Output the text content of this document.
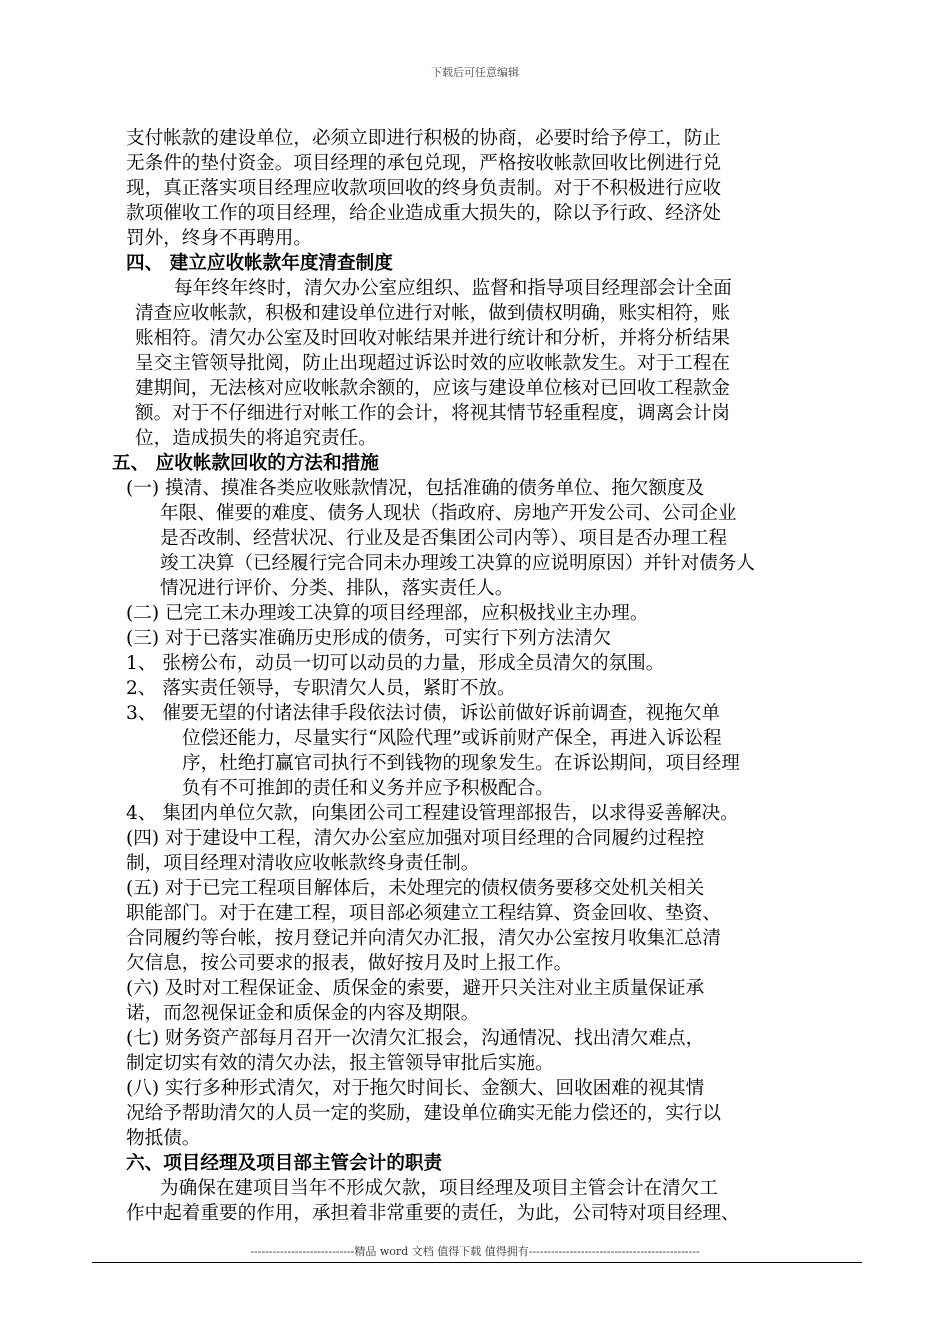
下载后可任意编辑
支付帐款的建设单位，必须立即进行积极的协商，必要时给予停工，防止
无条件的垫付资金。项目经理的承包兑现，严格按收帐款回收比例进行兑
现，真正落实项目经理应收款项回收的终身负责制。对于不积极进行应收
款项催收工作的项目经理，给企业造成重大损失的，除以予行政、经济处
罚外，终身不再聘用。
四、 建立应收帐款年度清查制度
每年终年终时，清欠办公室应组织、监督和指导项目经理部会计全面
清查应收帐款，积极和建设单位进行对帐，做到债权明确，账实相符，账
账相符。清欠办公室及时回收对帐结果并进行统计和分析，并将分析结果
呈交主管领导批阅，防止出现超过诉讼时效的应收帐款发生。对于工程在
建期间，无法核对应收帐款余额的，应该与建设单位核对已回收工程款金
额。对于不仔细进行对帐工作的会计，将视其情节轻重程度，调离会计岗
位，造成损失的将追究责任。
五、 应收帐款回收的方法和措施
(一) 摸清、摸准各类应收账款情况，包括准确的债务单位、拖欠额度及
年限、催要的难度、债务人现状（指政府、房地产开发公司、公司企业
是否改制、经营状况、行业及是否集团公司内等）、项目是否办理工程
竣工决算（已经履行完合同未办理竣工决算的应说明原因）并针对债务人
情况进行评价、分类、排队，落实责任人。
(二) 已完工未办理竣工决算的项目经理部，应积极找业主办理。
(三) 对于已落实准确历史形成的债务，可实行下列方法清欠
1、 张榜公布，动员一切可以动员的力量，形成全员清欠的氛围。
2、 落实责任领导，专职清欠人员，紧盯不放。
3、 催要无望的付诸法律手段依法讨债，诉讼前做好诉前调查，视拖欠单
位偿还能力，尽量实行“风险代理”或诉前财产保全，再进入诉讼程
序，杜绝打赢官司执行不到钱物的现象发生。在诉讼期间，项目经理
负有不可推卸的责任和义务并应予积极配合。
4、 集团内单位欠款，向集团公司工程建设管理部报告，以求得妥善解决。
(四) 对于建设中工程，清欠办公室应加强对项目经理的合同履约过程控
制，项目经理对清收应收帐款终身责任制。
(五) 对于已完工程项目解体后，未处理完的债权债务要移交处机关相关
职能部门。对于在建工程，项目部必须建立工程结算、资金回收、垫资、
合同履约等台帐，按月登记并向清欠办汇报，清欠办公室按月收集汇总清
欠信息，按公司要求的报表，做好按月及时上报工作。
(六) 及时对工程保证金、质保金的索要，避开只关注对业主质量保证承
诺，而忽视保证金和质保金的内容及期限。
(七) 财务资产部每月召开一次清欠汇报会，沟通情况、找出清欠难点，
制定切实有效的清欠办法，报主管领导审批后实施。
(八) 实行多种形式清欠，对于拖欠时间长、金额大、回收困难的视其情
况给予帮助清欠的人员一定的奖励，建设单位确实无能力偿还的，实行以
物抵债。
六、项目经理及项目部主管会计的职责
为确保在建项目当年不形成欠款，项目经理及项目主管会计在清欠工
作中起着重要的作用，承担着非常重要的责任，为此，公司特对项目经理、
----------------------------精品 word 文档 值得下载 值得拥有----------------------------------------------
